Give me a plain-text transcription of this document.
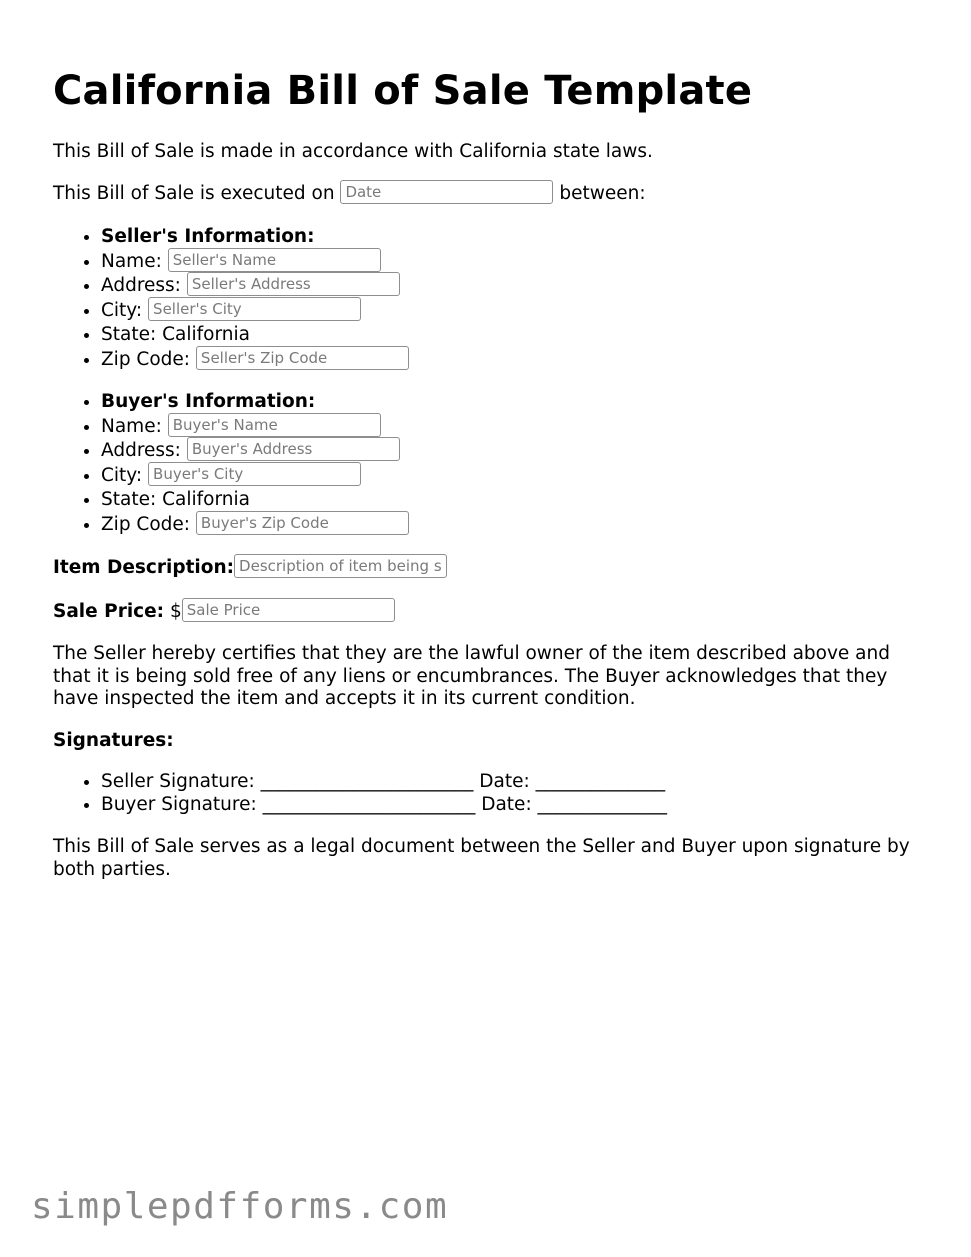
California Bill of Sale Template
This Bill of Sale is made in accordance with California state laws.
This Bill of Sale is executed on Date	between:
• Seller's Information:
• Name: Seller's Name
• Address: Seller's Address
• City: Seller's City
• State: California
• Zip Code: Seller's Zip Code
• Buyer's Information:
• Name: Buyer's Name
• Address: Buyer's Address
• City: Buyer's City
• State: California
• Zip Code: Buyer's Zip Code
Item Description:Description of item being sold
Sale Price: $Sale Price
The Seller hereby certifies that they are the lawful owner of the item described above and that it is being sold free of any liens or encumbrances. The Buyer acknowledges that they have inspected the item and accepts it in its current condition.
Signatures:
• Seller Signature: _______________________ Date: ______________
• Buyer Signature: _______________________ Date: ______________
This Bill of Sale serves as a legal document between the Seller and Buyer upon signature by both parties.
simplepdfforms.com
